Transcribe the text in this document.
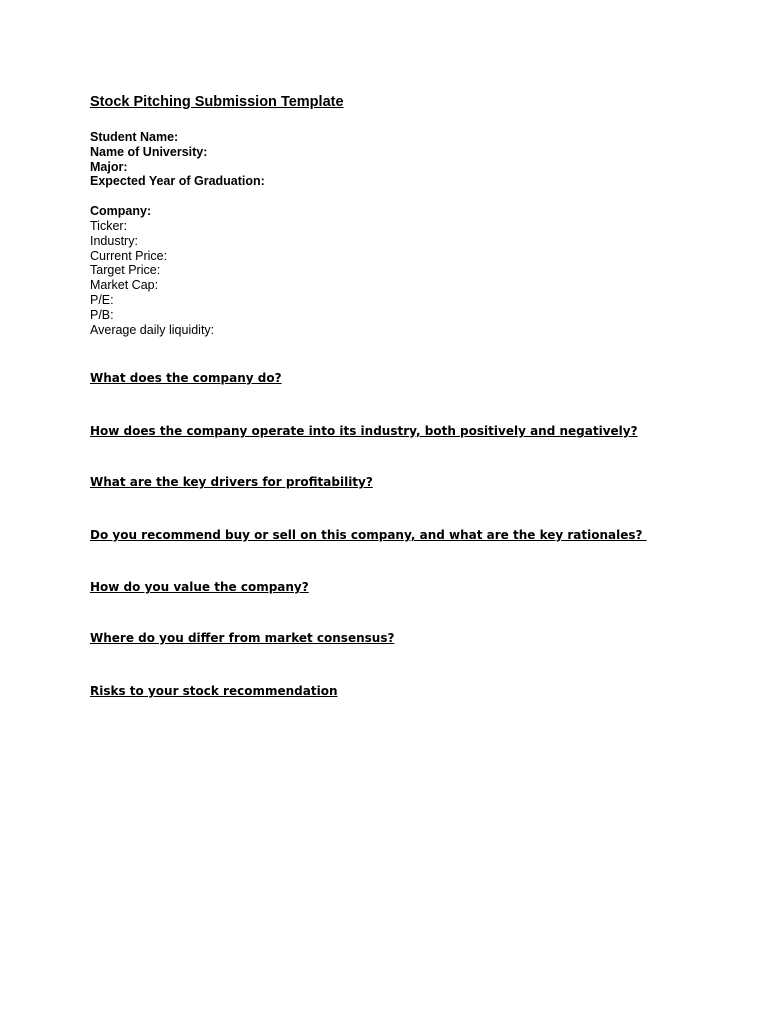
Stock Pitching Submission Template
Student Name:
Name of University:
Major:
Expected Year of Graduation:
Company:
Ticker:
Industry:
Current Price:
Target Price:
Market Cap:
P/E:
P/B:
Average daily liquidity:
What does the company do?
How does the company operate into its industry, both positively and negatively?
What are the key drivers for profitability?
Do you recommend buy or sell on this company, and what are the key rationales?
How do you value the company?
Where do you differ from market consensus?
Risks to your stock recommendation
